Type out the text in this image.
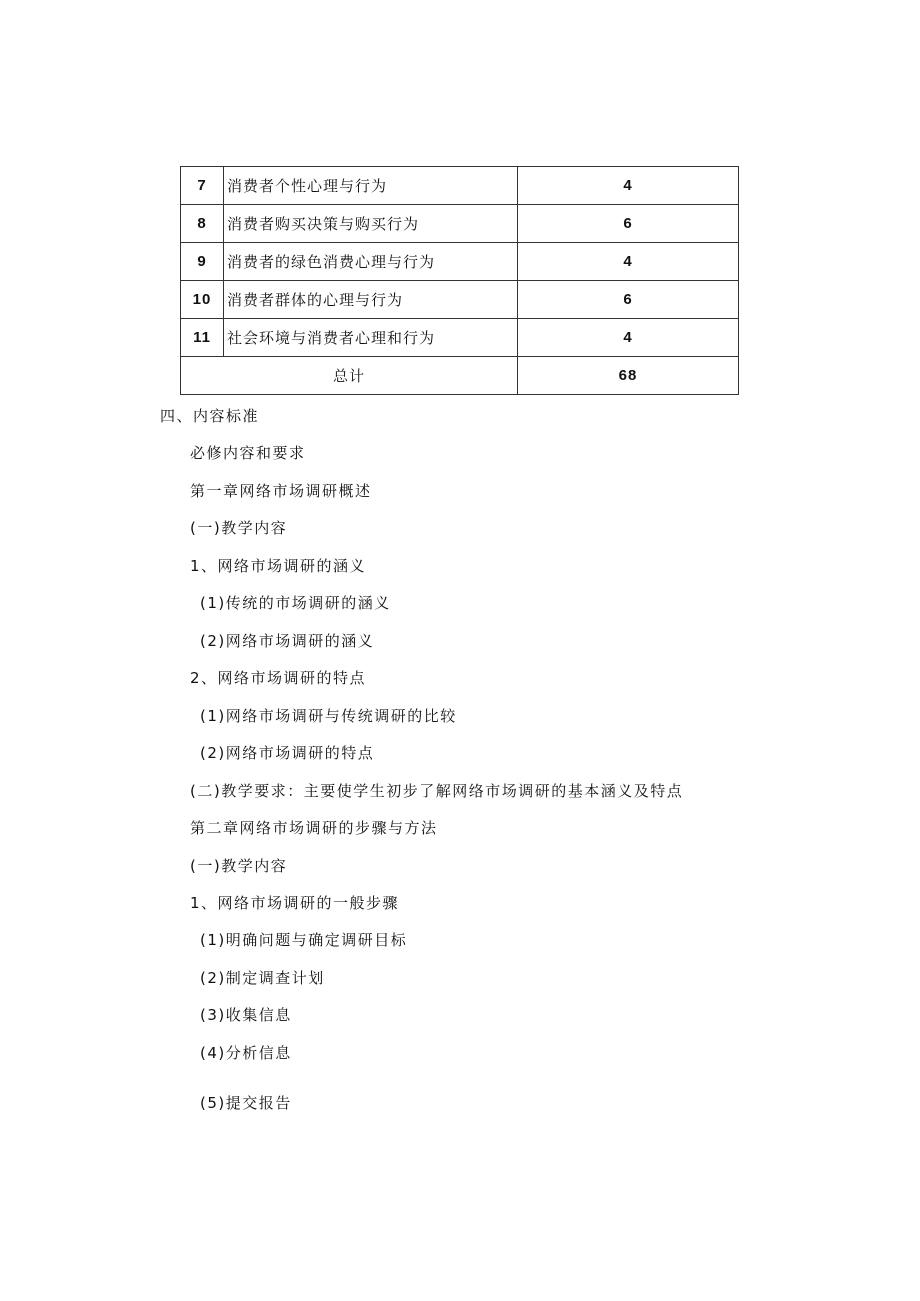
7	消费者个性心理与行为	4
8	消费者购买决策与购买行为	6
9	消费者的绿色消费心理与行为	4
10	消费者群体的心理与行为	6
11	社会环境与消费者心理和行为	4
总计		68
四、内容标准
必修内容和要求
第一章网络市场调研概述
(一)教学内容
1、网络市场调研的涵义
(1)传统的市场调研的涵义
(2)网络市场调研的涵义
2、网络市场调研的特点
(1)网络市场调研与传统调研的比较
(2)网络市场调研的特点
(二)教学要求：主要使学生初步了解网络市场调研的基本涵义及特点
第二章网络市场调研的步骤与方法
(一)教学内容
1、网络市场调研的一般步骤
(1)明确问题与确定调研目标
(2)制定调查计划
(3)收集信息
(4)分析信息
(5)提交报告
